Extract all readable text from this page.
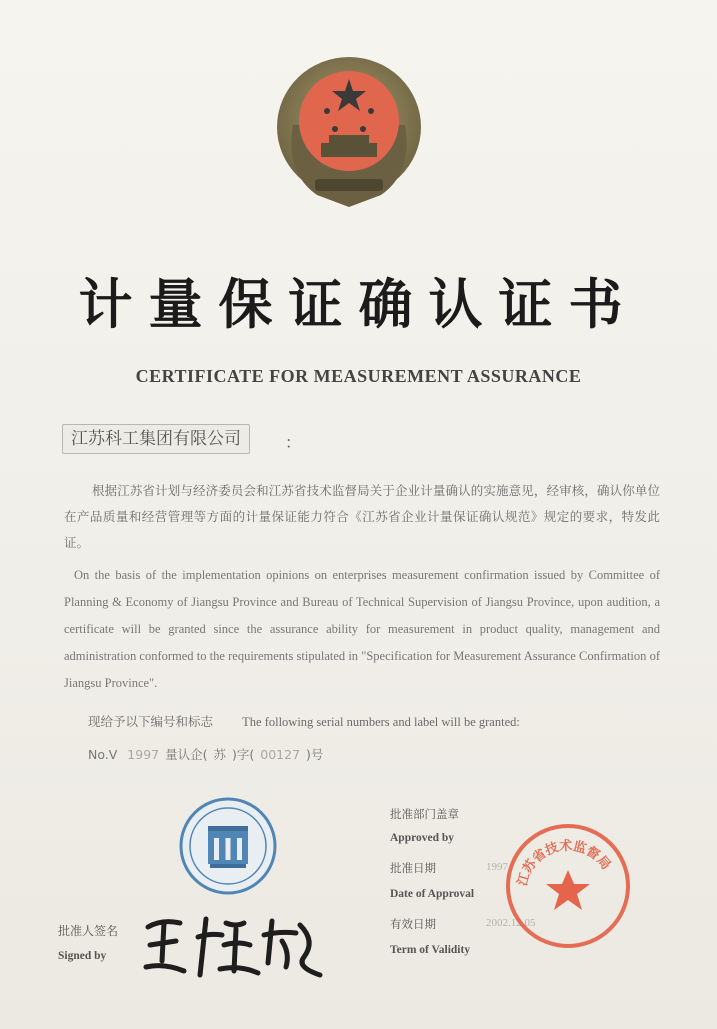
计量保证确认证书
CERTIFICATE FOR MEASUREMENT ASSURANCE
江苏科工集团有限公司	：
根据江苏省计划与经济委员会和江苏省技术监督局关于企业计量确认的实施意见，经审核，确认你单位在产品质量和经营管理等方面的计量保证能力符合《江苏省企业计量保证确认规范》规定的要求，特发此证。
On the basis of the implementation opinions on enterprises measurement confirmation issued by Committee of Planning & Economy of Jiangsu Province and Bureau of Technical Supervision of Jiangsu Province, upon audition, a certificate will be granted since the assurance ability for measurement in product quality, management and administration conformed to the requirements stipulated in "Specification for Measurement Assurance Confirmation of Jiangsu Province".
现给予以下编号和标志 The following serial numbers and label will be granted:
No.V 1997 量认企( 苏 )字( 00127 )号
批准部门盖章
Approved by
批准日期	1997
Date of Approval
有效日期	2002.12.05
Term of Validity
江苏省技术监督局
批准人签名
Signed by
